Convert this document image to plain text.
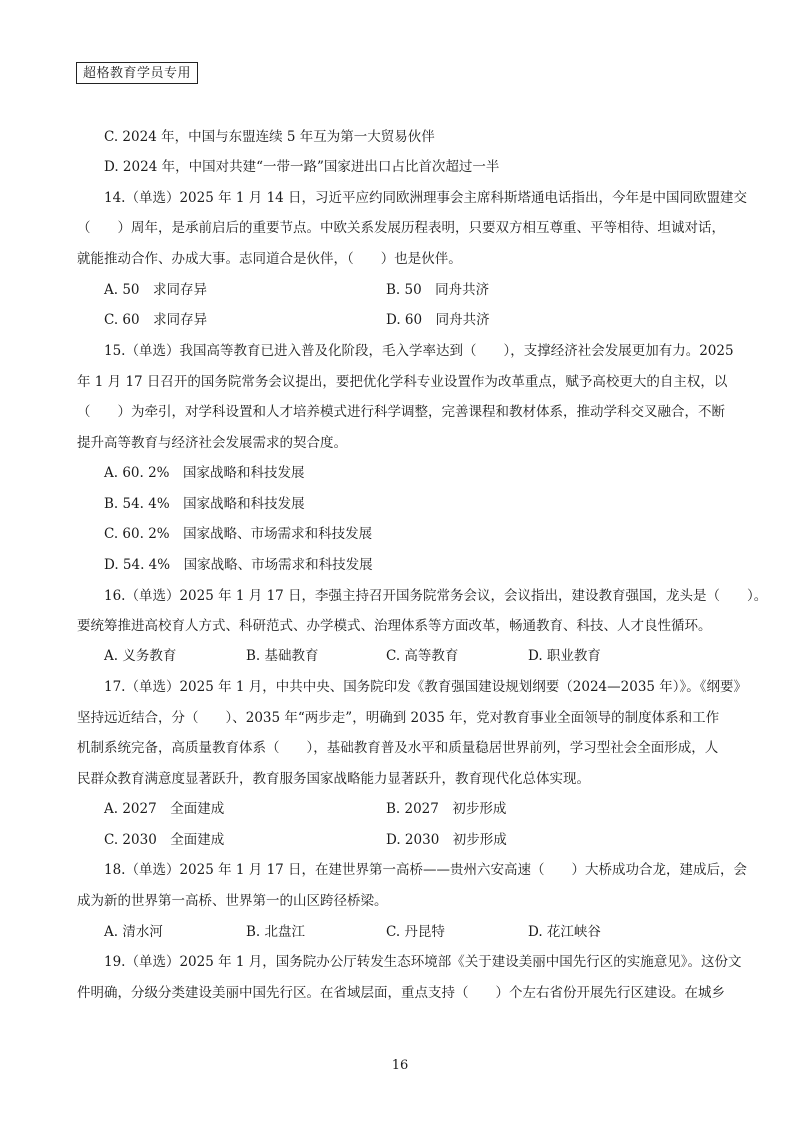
超格教育学员专用
C. 2024 年，中国与东盟连续 5 年互为第一大贸易伙伴
D. 2024 年，中国对共建“一带一路”国家进出口占比首次超过一半
14.（单选）2025 年 1 月 14 日，习近平应约同欧洲理事会主席科斯塔通电话指出，今年是中国同欧盟建交
（　　）周年，是承前启后的重要节点。中欧关系发展历程表明，只要双方相互尊重、平等相待、坦诚对话，
就能推动合作、办成大事。志同道合是伙伴，（　　）也是伙伴。
A. 50　求同存异	B. 50　同舟共济
C. 60　求同存异	D. 60　同舟共济
15.（单选）我国高等教育已进入普及化阶段，毛入学率达到（　　），支撑经济社会发展更加有力。2025
年 1 月 17 日召开的国务院常务会议提出，要把优化学科专业设置作为改革重点，赋予高校更大的自主权，以
（　　）为牵引，对学科设置和人才培养模式进行科学调整，完善课程和教材体系，推动学科交叉融合，不断
提升高等教育与经济社会发展需求的契合度。
A. 60. 2%　国家战略和科技发展
B. 54. 4%　国家战略和科技发展
C. 60. 2%　国家战略、市场需求和科技发展
D. 54. 4%　国家战略、市场需求和科技发展
16.（单选）2025 年 1 月 17 日，李强主持召开国务院常务会议，会议指出，建设教育强国，龙头是（　　）。
要统筹推进高校育人方式、科研范式、办学模式、治理体系等方面改革，畅通教育、科技、人才良性循环。
A. 义务教育	B. 基础教育	C. 高等教育	D. 职业教育
17.（单选）2025 年 1 月，中共中央、国务院印发《教育强国建设规划纲要（2024—2035 年）》。《纲要》
坚持远近结合，分（　　）、2035 年“两步走”，明确到 2035 年，党对教育事业全面领导的制度体系和工作
机制系统完备，高质量教育体系（　　），基础教育普及水平和质量稳居世界前列，学习型社会全面形成，人
民群众教育满意度显著跃升，教育服务国家战略能力显著跃升，教育现代化总体实现。
A. 2027　全面建成	B. 2027　初步形成
C. 2030　全面建成	D. 2030　初步形成
18.（单选）2025 年 1 月 17 日，在建世界第一高桥——贵州六安高速（　　）大桥成功合龙，建成后，会
成为新的世界第一高桥、世界第一的山区跨径桥梁。
A. 清水河	B. 北盘江	C. 丹昆特	D. 花江峡谷
19.（单选）2025 年 1 月，国务院办公厅转发生态环境部《关于建设美丽中国先行区的实施意见》。这份文
件明确，分级分类建设美丽中国先行区。在省域层面，重点支持（　　）个左右省份开展先行区建设。在城乡
16
